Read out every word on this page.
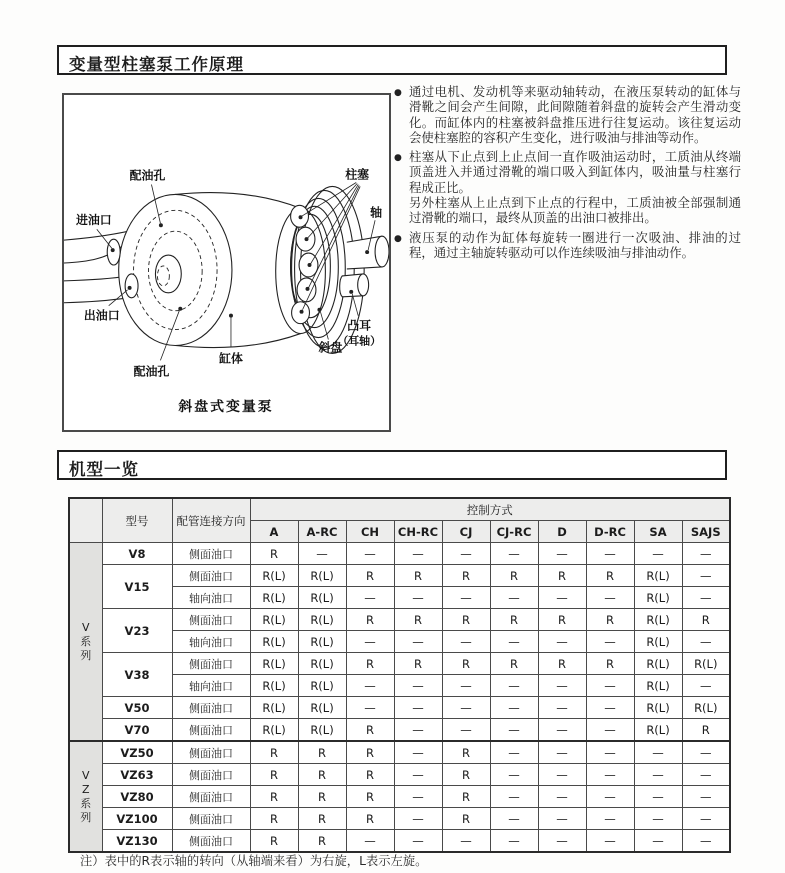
变量型柱塞泵工作原理
配油孔
进油口
出油口
配油孔
缸体
柱塞
轴
凸耳
（耳轴）
斜盘
斜盘式变量泵
● 通过电机、发动机等来驱动轴转动，在液压泵转动的缸体与滑靴之间会产生间隙，此间隙随着斜盘的旋转会产生滑动变化。而缸体内的柱塞被斜盘推压进行往复运动。该往复运动会使柱塞腔的容积产生变化，进行吸油与排油等动作。
● 柱塞从下止点到上止点间一直作吸油运动时，工质油从终端顶盖进入并通过滑靴的端口吸入到缸体内，吸油量与柱塞行程成正比。
另外柱塞从上止点到下止点的行程中，工质油被全部强制通过滑靴的端口，最终从顶盖的出油口被排出。
● 液压泵的动作为缸体每旋转一圈进行一次吸油、排油的过程，通过主轴旋转驱动可以作连续吸油与排油动作。
机型一览
	型号	配管连接方向	控制方式									
			A	A-RC	CH	CH-RC	CJ	CJ-RC	D	D-RC	SA	SAJS

V
系
列	V8	侧面油口	R	—	—	—	—	—	—	—	—	—
	V15	侧面油口	R(L)	R(L)	R	R	R	R	R	R	R(L)	—
		轴向油口	R(L)	R(L)	—	—	—	—	—	—	R(L)	—
	V23	侧面油口	R(L)	R(L)	R	R	R	R	R	R	R(L)	R
		轴向油口	R(L)	R(L)	—	—	—	—	—	—	R(L)	—
	V38	侧面油口	R(L)	R(L)	R	R	R	R	R	R	R(L)	R(L)
		轴向油口	R(L)	R(L)	—	—	—	—	—	—	R(L)	—
	V50	侧面油口	R(L)	R(L)	—	—	—	—	—	—	R(L)	R(L)
	V70	侧面油口	R(L)	R(L)	R	—	—	—	—	—	R(L)	R

V
Z
系
列	VZ50	侧面油口	R	R	R	—	R	—	—	—	—	—
	VZ63	侧面油口	R	R	R	—	R	—	—	—	—	—
	VZ80	侧面油口	R	R	R	—	R	—	—	—	—	—
	VZ100	侧面油口	R	R	R	—	R	—	—	—	—	—
	VZ130	侧面油口	R	R	—	—	—	—	—	—	—	—
注）表中的R表示轴的转向（从轴端来看）为右旋，L表示左旋。
